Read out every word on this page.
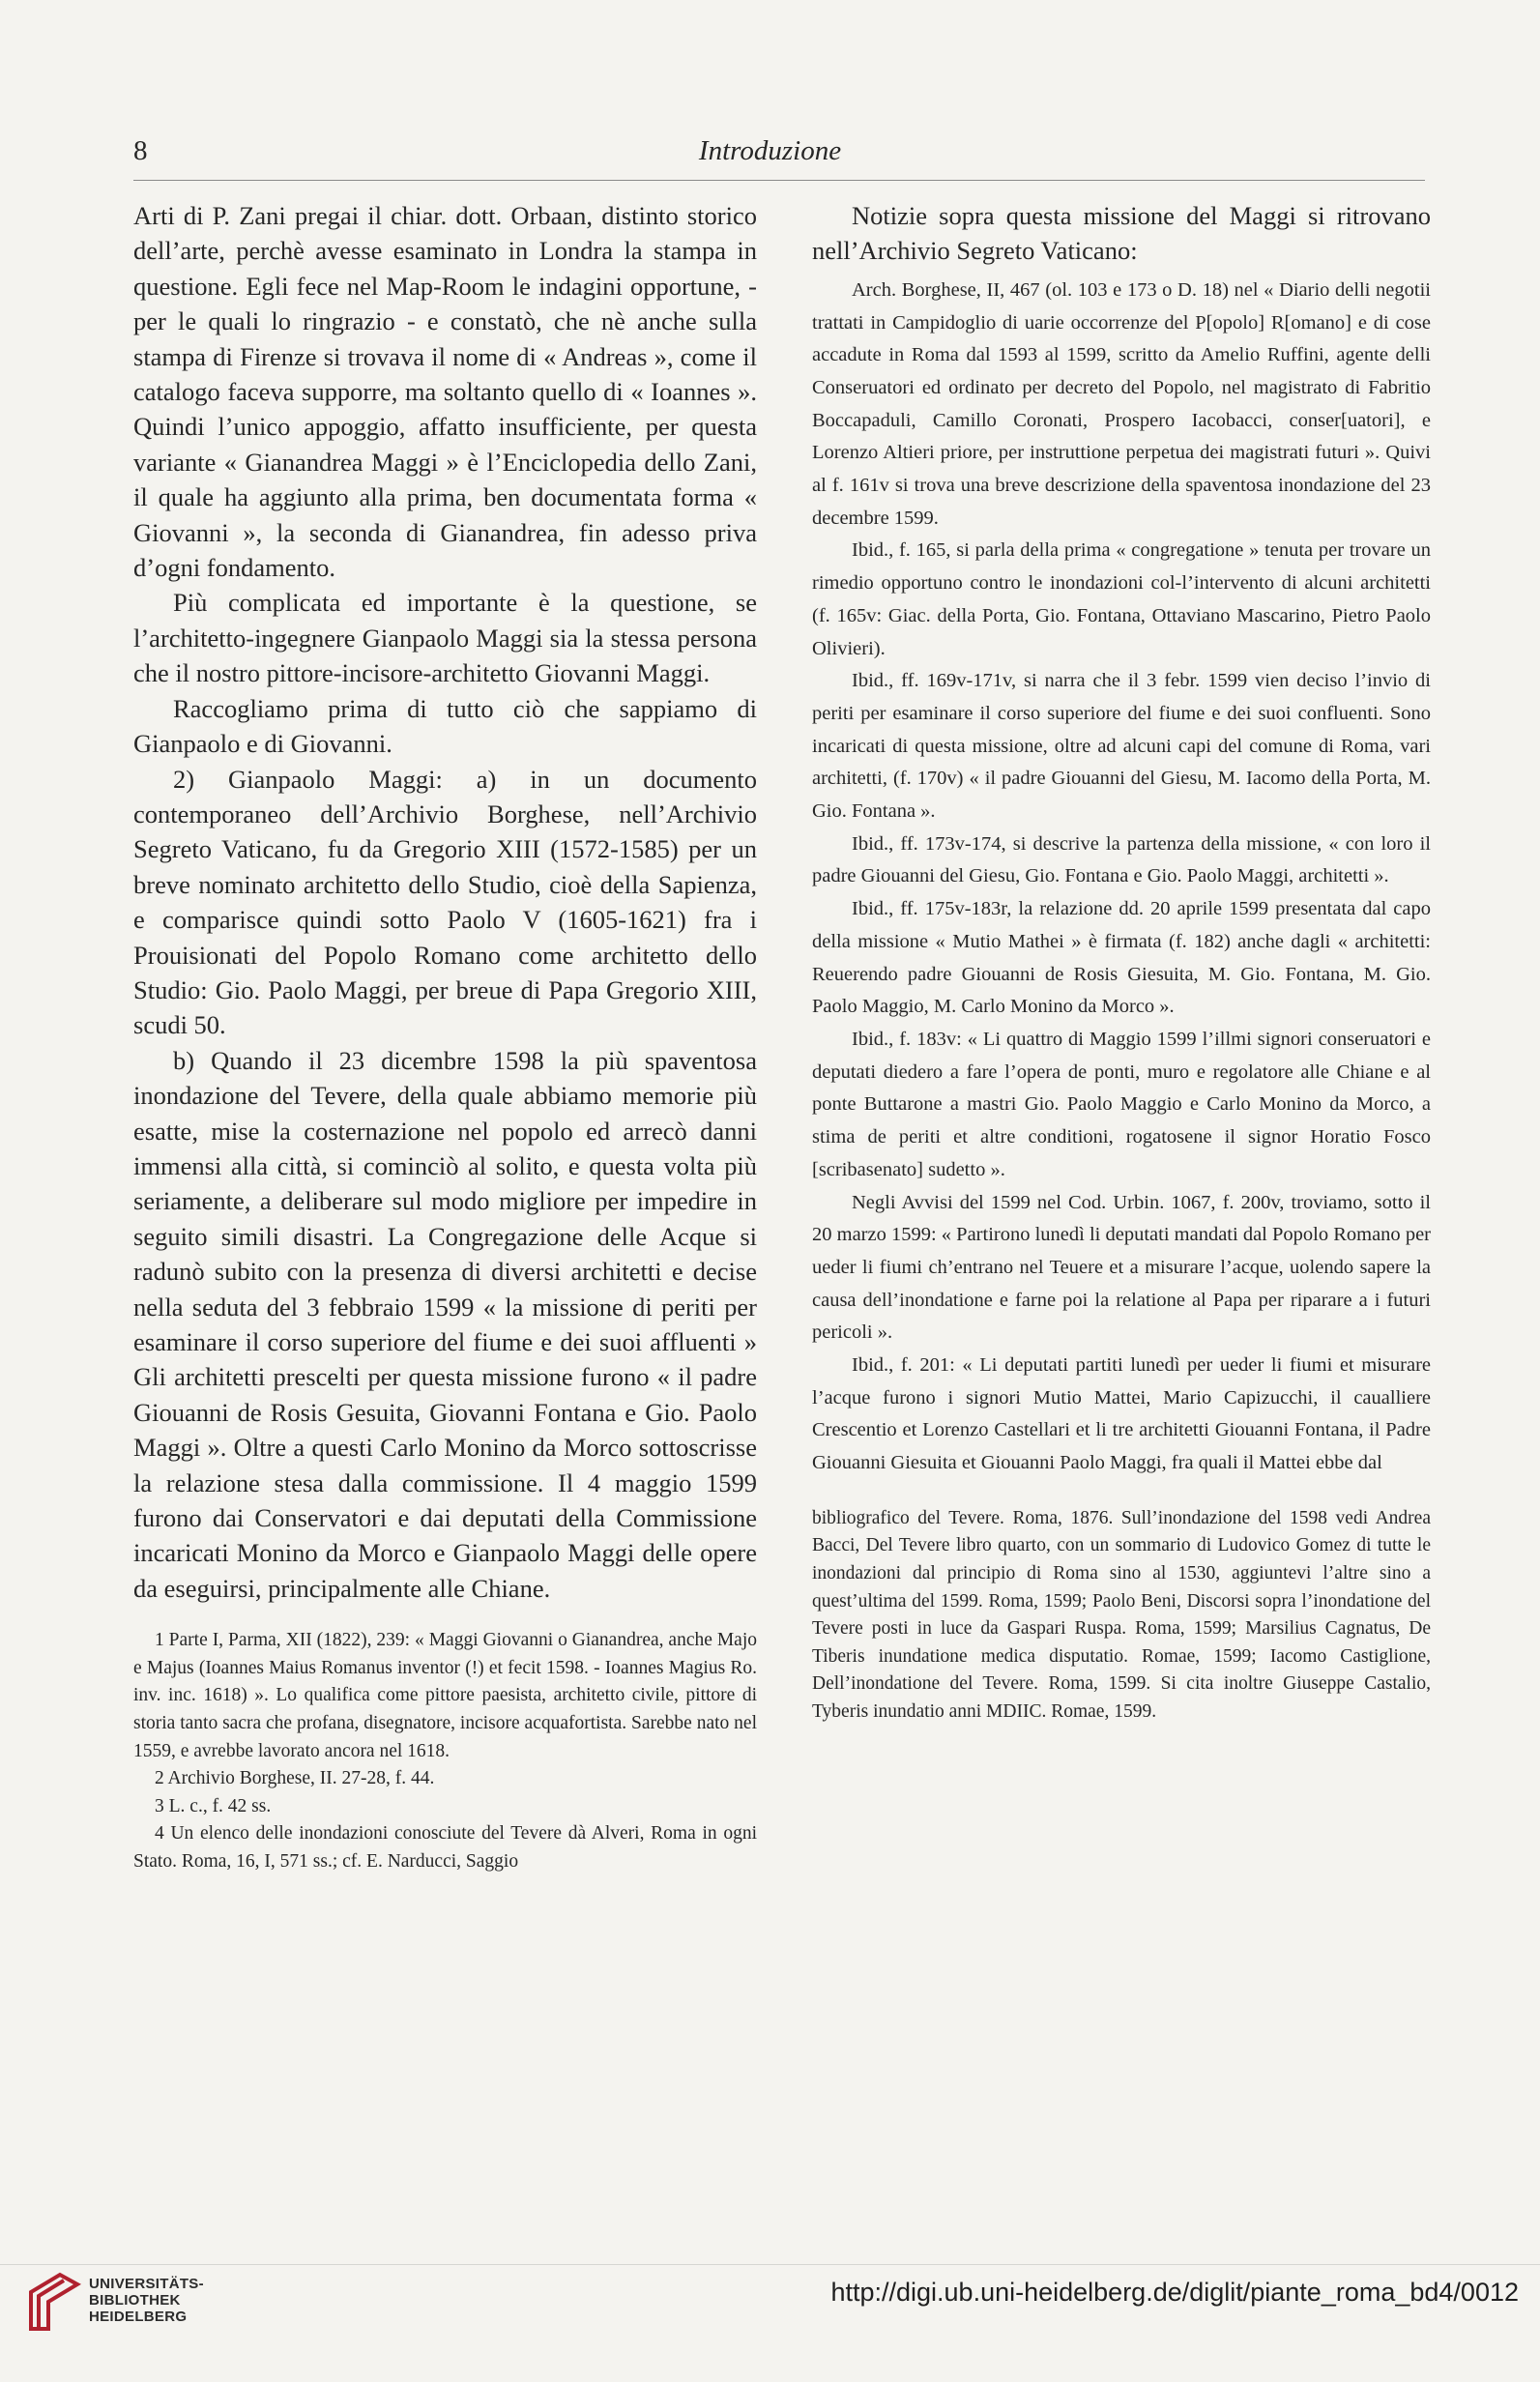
8	Introduzione

Arti di P. Zani pregai il chiar. dott. Orbaan, distinto storico dell’arte, perchè avesse esaminato in Londra la stampa in questione. Egli fece nel Map-Room le indagini opportune, - per le quali lo ringrazio - e constatò, che nè anche sulla stampa di Firenze si trovava il nome di « Andreas », come il catalogo faceva supporre, ma soltanto quello di « Ioannes ». Quindi l’unico appoggio, affatto insufficiente, per questa variante « Gianandrea Maggi » è l’Enciclopedia dello Zani, il quale ha aggiunto alla prima, ben documentata forma « Giovanni », la seconda di Gianandrea, fin adesso priva d’ogni fondamento.

Più complicata ed importante è la questione, se l’architetto-ingegnere Gianpaolo Maggi sia la stessa persona che il nostro pittore-incisore-architetto Giovanni Maggi.

Raccogliamo prima di tutto ciò che sappiamo di Gianpaolo e di Giovanni.

2) Gianpaolo Maggi: a) in un documento contemporaneo dell’Archivio Borghese, nell’Archivio Segreto Vaticano, fu da Gregorio XIII (1572-1585) per un breve nominato architetto dello Studio, cioè della Sapienza, e comparisce quindi sotto Paolo V (1605-1621) fra i Prouisionati del Popolo Romano come architetto dello Studio: Gio. Paolo Maggi, per breue di Papa Gregorio XIII, scudi 50.

b) Quando il 23 dicembre 1598 la più spaventosa inondazione del Tevere, della quale abbiamo memorie più esatte, mise la costernazione nel popolo ed arrecò danni immensi alla città, si cominciò al solito, e questa volta più seriamente, a deliberare sul modo migliore per impedire in seguito simili disastri. La Congregazione delle Acque si radunò subito con la presenza di diversi architetti e decise nella seduta del 3 febbraio 1599 « la missione di periti per esaminare il corso superiore del fiume e dei suoi affluenti » Gli architetti prescelti per questa missione furono « il padre Giouanni de Rosis Gesuita, Giovanni Fontana e Gio. Paolo Maggi ». Oltre a questi Carlo Monino da Morco sottoscrisse la relazione stesa dalla commissione. Il 4 maggio 1599 furono dai Conservatori e dai deputati della Commissione incaricati Monino da Morco e Gianpaolo Maggi delle opere da eseguirsi, principalmente alle Chiane.

1 Parte I, Parma, XII (1822), 239: « Maggi Giovanni o Gianandrea, anche Majo e Majus (Ioannes Maius Romanus inventor (!) et fecit 1598. - Ioannes Magius Ro. inv. inc. 1618) ». Lo qualifica come pittore paesista, architetto civile, pittore di storia tanto sacra che profana, disegnatore, incisore acquafortista. Sarebbe nato nel 1559, e avrebbe lavorato ancora nel 1618.

2 Archivio Borghese, II. 27-28, f. 44.

3 L. c., f. 42 ss.

4 Un elenco delle inondazioni conosciute del Tevere dà Alveri, Roma in ogni Stato. Roma, 16, I, 571 ss.; cf. E. Narducci, Saggio

Notizie sopra questa missione del Maggi si ritrovano nell’Archivio Segreto Vaticano:

Arch. Borghese, II, 467 (ol. 103 e 173 o D. 18) nel « Diario delli negotii trattati in Campidoglio di uarie occorrenze del P[opolo] R[omano] e di cose accadute in Roma dal 1593 al 1599, scritto da Amelio Ruffini, agente delli Conseruatori ed ordinato per decreto del Popolo, nel magistrato di Fabritio Boccapaduli, Camillo Coronati, Prospero Iacobacci, conser[uatori], e Lorenzo Altieri priore, per instruttione perpetua dei magistrati futuri ». Quivi al f. 161v si trova una breve descrizione della spaventosa inondazione del 23 decembre 1599.

Ibid., f. 165, si parla della prima « congregatione » tenuta per trovare un rimedio opportuno contro le inondazioni col-l’intervento di alcuni architetti (f. 165v: Giac. della Porta, Gio. Fontana, Ottaviano Mascarino, Pietro Paolo Olivieri).

Ibid., ff. 169v-171v, si narra che il 3 febr. 1599 vien deciso l’invio di periti per esaminare il corso superiore del fiume e dei suoi confluenti. Sono incaricati di questa missione, oltre ad alcuni capi del comune di Roma, vari architetti, (f. 170v) « il padre Giouanni del Giesu, M. Iacomo della Porta, M. Gio. Fontana ».

Ibid., ff. 173v-174, si descrive la partenza della missione, « con loro il padre Giouanni del Giesu, Gio. Fontana e Gio. Paolo Maggi, architetti ».

Ibid., ff. 175v-183r, la relazione dd. 20 aprile 1599 presentata dal capo della missione « Mutio Mathei » è firmata (f. 182) anche dagli « architetti: Reuerendo padre Giouanni de Rosis Giesuita, M. Gio. Fontana, M. Gio. Paolo Maggio, M. Carlo Monino da Morco ».

Ibid., f. 183v: « Li quattro di Maggio 1599 l’illmi signori conseruatori e deputati diedero a fare l’opera de ponti, muro e regolatore alle Chiane e al ponte Buttarone a mastri Gio. Paolo Maggio e Carlo Monino da Morco, a stima de periti et altre conditioni, rogatosene il signor Horatio Fosco [scribasenato] sudetto ».

Negli Avvisi del 1599 nel Cod. Urbin. 1067, f. 200v, troviamo, sotto il 20 marzo 1599: « Partirono lunedì li deputati mandati dal Popolo Romano per ueder li fiumi ch’entrano nel Teuere et a misurare l’acque, uolendo sapere la causa dell’inondatione e farne poi la relatione al Papa per riparare a i futuri pericoli ».

Ibid., f. 201: « Li deputati partiti lunedì per ueder li fiumi et misurare l’acque furono i signori Mutio Mattei, Mario Capizucchi, il caualliere Crescentio et Lorenzo Castellari et li tre architetti Giouanni Fontana, il Padre Giouanni Giesuita et Giouanni Paolo Maggi, fra quali il Mattei ebbe dal

bibliografico del Tevere. Roma, 1876. Sull’inondazione del 1598 vedi Andrea Bacci, Del Tevere libro quarto, con un sommario di Ludovico Gomez di tutte le inondazioni dal principio di Roma sino al 1530, aggiuntevi l’altre sino a quest’ultima del 1599. Roma, 1599; Paolo Beni, Discorsi sopra l’inondatione del Tevere posti in luce da Gaspari Ruspa. Roma, 1599; Marsilius Cagnatus, De Tiberis inundatione medica disputatio. Romae, 1599; Iacomo Castiglione, Dell’inondatione del Tevere. Roma, 1599. Si cita inoltre Giuseppe Castalio, Tyberis inundatio anni MDIIC. Romae, 1599.

UNIVERSITÄTS-
BIBLIOTHEK
HEIDELBERG
http://digi.ub.uni-heidelberg.de/diglit/piante_roma_bd4/0012
